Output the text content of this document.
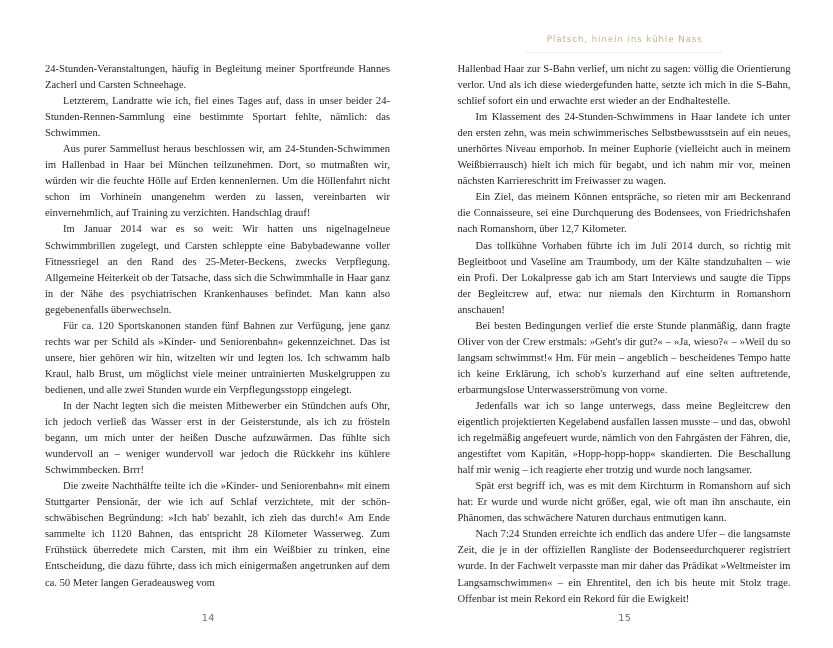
24-Stunden-Veranstaltungen, häufig in Begleitung meiner Sportfreunde Hannes Zacherl und Carsten Schneehage.

Letzterem, Landratte wie ich, fiel eines Tages auf, dass in unser beider 24-Stunden-Rennen-Sammlung eine bestimmte Sportart fehlte, nämlich: das Schwimmen.

Aus purer Sammellust heraus beschlossen wir, am 24-Stunden-Schwimmen im Hallenbad in Haar bei München teilzunehmen. Dort, so mutmaßten wir, würden wir die feuchte Hölle auf Erden kennenlernen. Um die Höllenfahrt nicht schon im Vorhinein unangenehm werden zu lassen, vereinbarten wir einvernehmlich, auf Training zu verzichten. Handschlag drauf!

Im Januar 2014 war es so weit: Wir hatten uns nigelnagelneue Schwimmbrillen zugelegt, und Carsten schleppte eine Babybadewanne voller Fitnessriegel an den Rand des 25-Meter-Beckens, zwecks Verpflegung. Allgemeine Heiterkeit ob der Tatsache, dass sich die Schwimmhalle in Haar ganz in der Nähe des psychiatrischen Krankenhauses befindet. Man kann also gegebenenfalls überwechseln.

Für ca. 120 Sportskanonen standen fünf Bahnen zur Verfügung, jene ganz rechts war per Schild als »Kinder- und Seniorenbahn« gekennzeichnet. Das ist unsere, hier gehören wir hin, witzelten wir und legten los. Ich schwamm halb Kraul, halb Brust, um möglichst viele meiner untrainierten Muskelgruppen zu bedienen, und alle zwei Stunden wurde ein Verpflegungsstopp eingelegt.

In der Nacht legten sich die meisten Mitbewerber ein Stündchen aufs Ohr, ich jedoch verließ das Wasser erst in der Geisterstunde, als ich zu frösteln begann, um mich unter der heißen Dusche aufzuwärmen. Das fühlte sich wundervoll an – weniger wundervoll war jedoch die Rückkehr ins kühlere Schwimmbecken. Brrr!

Die zweite Nachthälfte teilte ich die »Kinder- und Seniorenbahn« mit einem Stuttgarter Pensionär, der wie ich auf Schlaf verzichtete, mit der schön-schwäbischen Begründung: »Ich hab' bezahlt, ich zieh das durch!« Am Ende sammelte ich 1120 Bahnen, das entspricht 28 Kilometer Wasserweg. Zum Frühstück überredete mich Carsten, mit ihm ein Weißbier zu trinken, eine Entscheidung, die dazu führte, dass ich mich einigermaßen angetrunken auf dem ca. 50 Meter langen Geradeausweg vom

14
Platsch, hinein ins kühle Nass

Hallenbad Haar zur S-Bahn verlief, um nicht zu sagen: völlig die Orientierung verlor. Und als ich diese wiedergefunden hatte, setzte ich mich in die S-Bahn, schlief sofort ein und erwachte erst wieder an der Endhaltestelle.

Im Klassement des 24-Stunden-Schwimmens in Haar landete ich unter den ersten zehn, was mein schwimmerisches Selbstbewusstsein auf ein neues, unerhörtes Niveau emporhob. In meiner Euphorie (vielleicht auch in meinem Weißbierrausch) hielt ich mich für begabt, und ich nahm mir vor, meinen nächsten Karriereschritt im Freiwasser zu wagen.

Ein Ziel, das meinem Können entspräche, so rieten mir am Beckenrand die Connaisseure, sei eine Durchquerung des Bodensees, von Friedrichshafen nach Romanshorn, über 12,7 Kilometer.

Das tollkühne Vorhaben führte ich im Juli 2014 durch, so richtig mit Begleitboot und Vaseline am Traumbody, um der Kälte standzuhalten – wie ein Profi. Der Lokalpresse gab ich am Start Interviews und saugte die Tipps der Begleitcrew auf, etwa: nur niemals den Kirchturm in Romanshorn anschauen!

Bei besten Bedingungen verlief die erste Stunde planmäßig, dann fragte Oliver von der Crew erstmals: »Geht's dir gut?« – »Ja, wieso?« – »Weil du so langsam schwimmst!« Hm. Für mein – angeblich – bescheidenes Tempo hatte ich keine Erklärung, ich schob's kurzerhand auf eine selten auftretende, erbarmungslose Unterwasserströmung von vorne.

Jedenfalls war ich so lange unterwegs, dass meine Begleitcrew den eigentlich projektierten Kegelabend ausfallen lassen musste – und das, obwohl ich regelmäßig angefeuert wurde, nämlich von den Fahrgästen der Fähren, die, angestiftet vom Kapitän, »Hopp-hopp-hopp« skandierten. Die Beschallung half mir wenig – ich reagierte eher trotzig und wurde noch langsamer.

Spät erst begriff ich, was es mit dem Kirchturm in Romanshorn auf sich hat: Er wurde und wurde nicht größer, egal, wie oft man ihn anschaute, ein Phänomen, das schwächere Naturen durchaus entmutigen kann.

Nach 7:24 Stunden erreichte ich endlich das andere Ufer – die langsamste Zeit, die je in der offiziellen Rangliste der Bodenseedurchquerer registriert wurde. In der Fachwelt verpasste man mir daher das Prädikat »Weltmeister im Langsamschwimmen« – ein Ehrentitel, den ich bis heute mit Stolz trage. Offenbar ist mein Rekord ein Rekord für die Ewigkeit!

15
